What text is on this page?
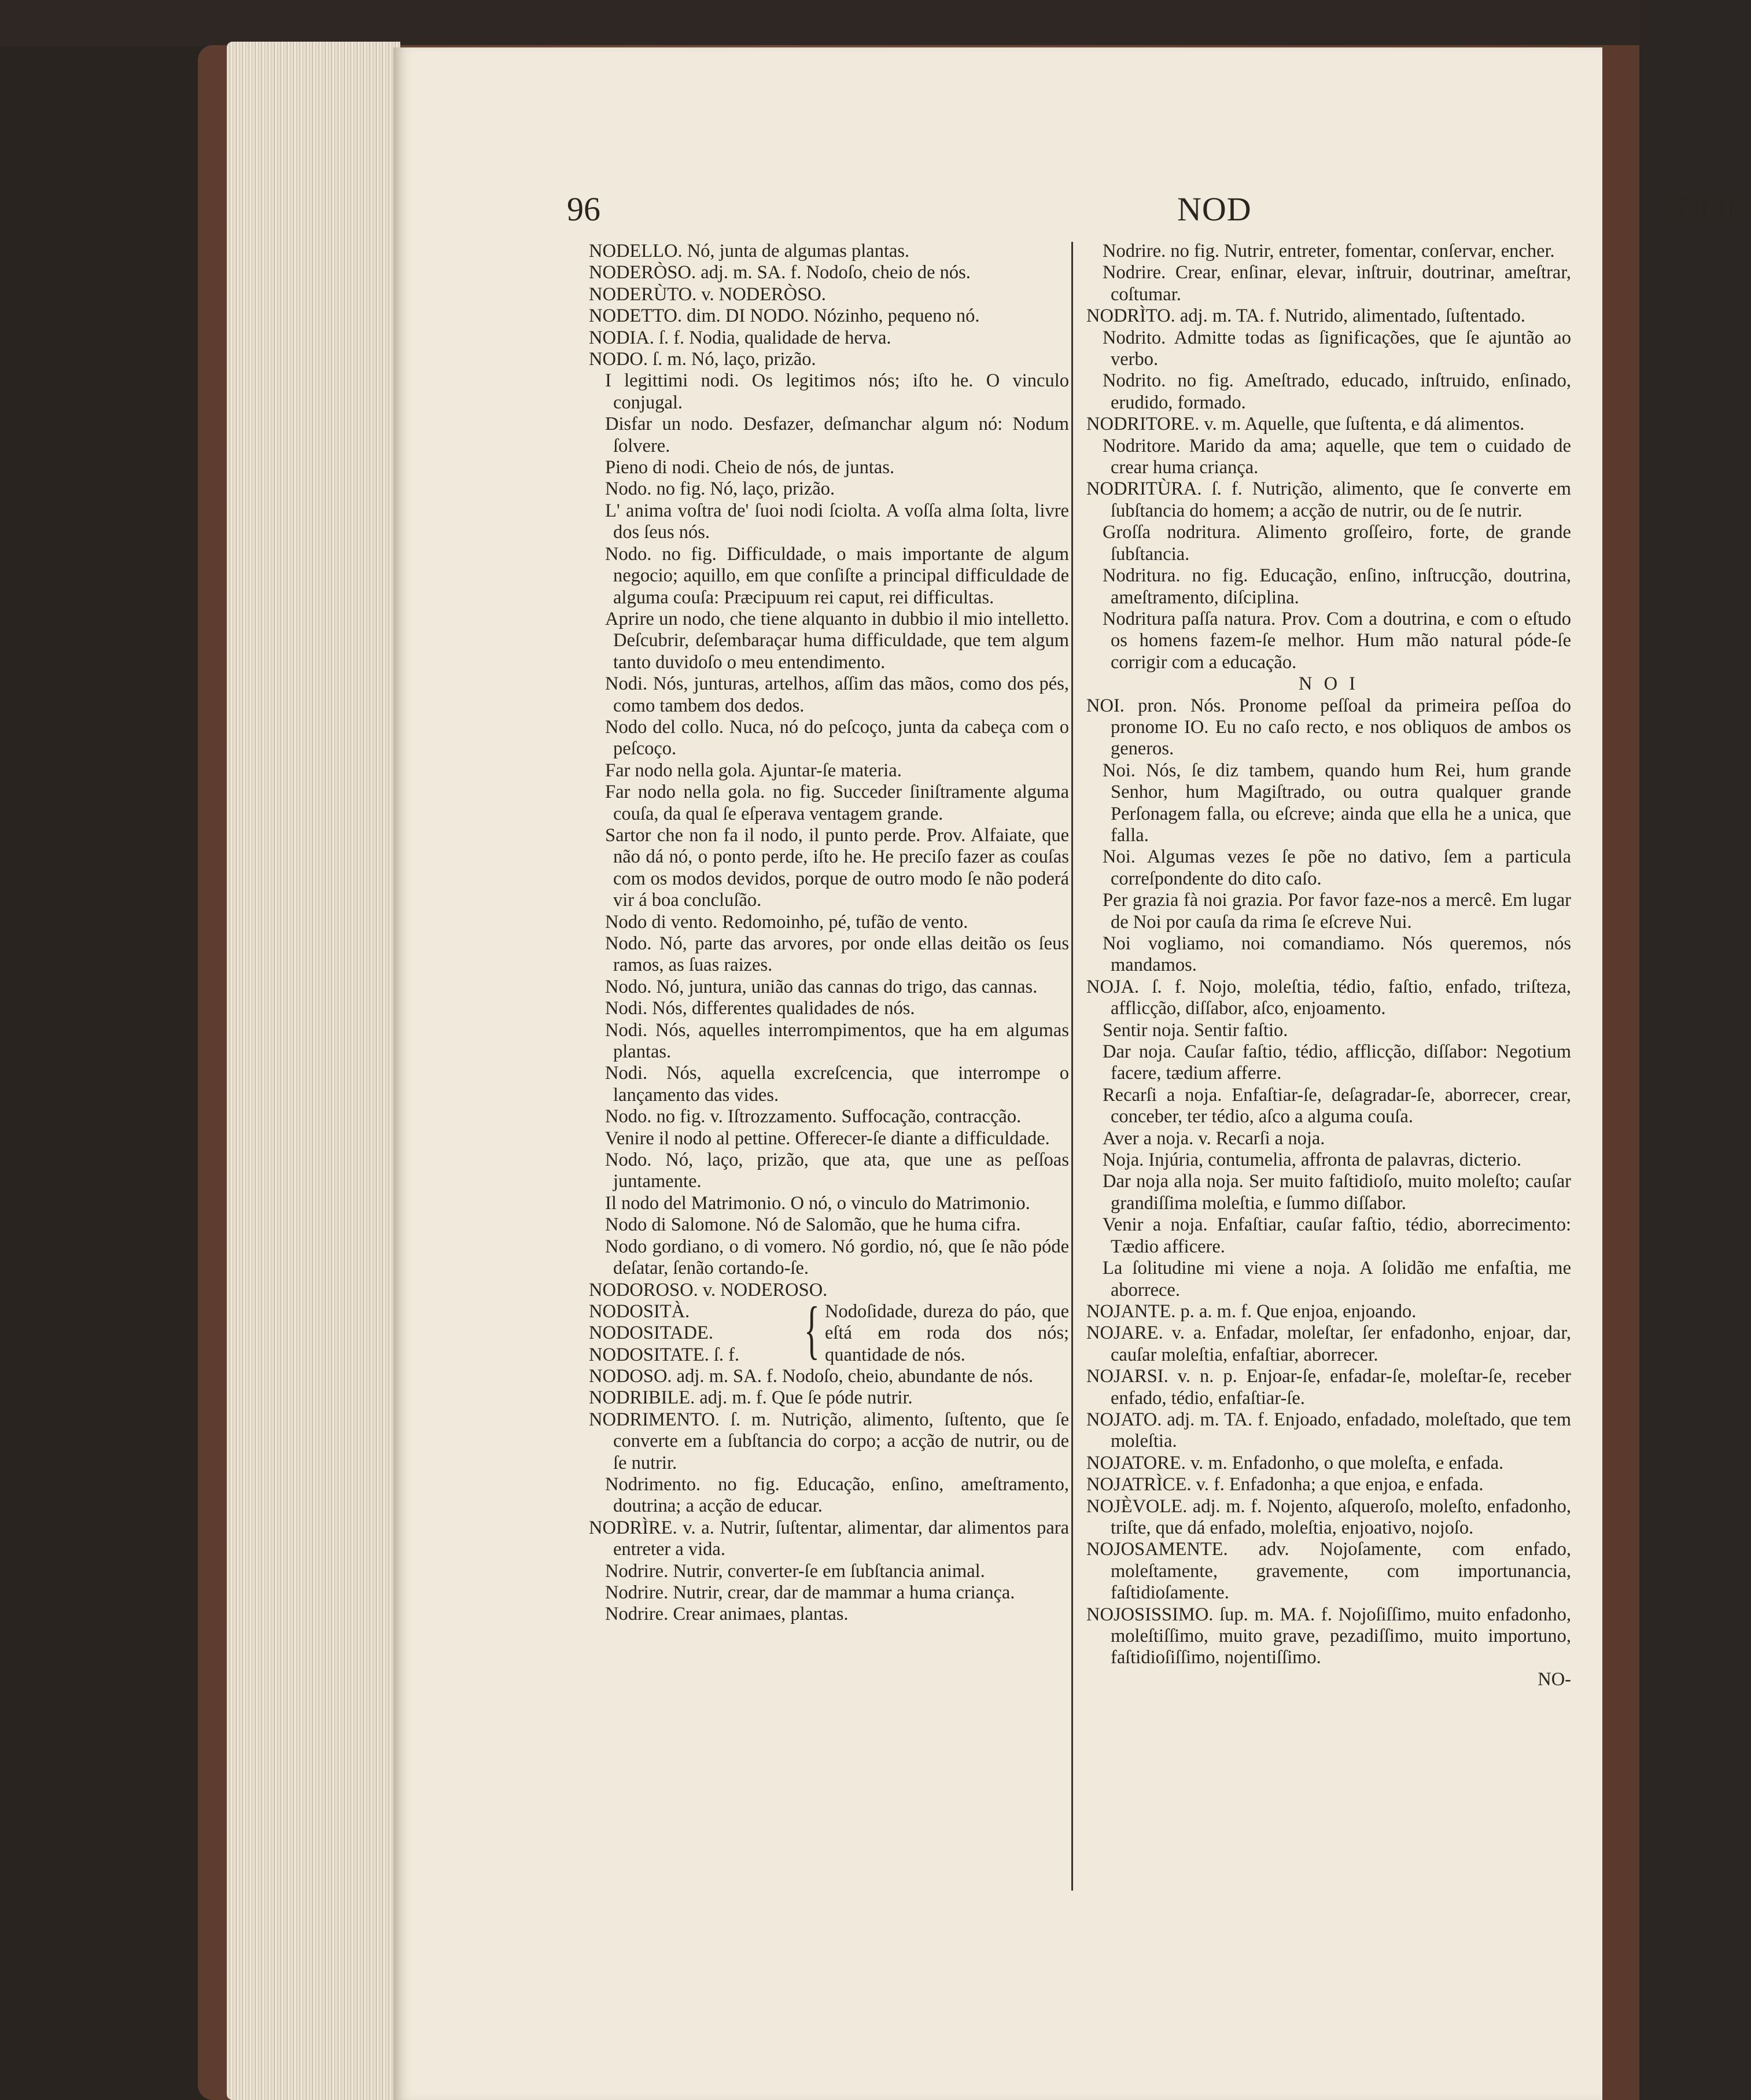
96	NOD	NOD

NODELLO. Nó, junta de algumas plantas.

NODERÒSO. adj. m. SA. f. Nodoſo, cheio de nós.

NODERÙTO. v. NODERÒSO.

NODETTO. dim. DI NODO. Nózinho, pequeno nó.

NODIA. ſ. f. Nodia, qualidade de herva.

NODO. ſ. m. Nó, laço, prizão.

I legittimi nodi. Os legitimos nós; iſto he. O vinculo conjugal.

Disfar un nodo. Desfazer, deſmanchar algum nó: Nodum ſolvere.

Pieno di nodi. Cheio de nós, de juntas.

Nodo. no fig. Nó, laço, prizão.

L' anima voſtra de' ſuoi nodi ſciolta. A voſſa alma ſolta, livre dos ſeus nós.

Nodo. no fig. Difficuldade, o mais importante de algum negocio; aquillo, em que conſiſte a principal difficuldade de alguma couſa: Præcipuum rei caput, rei difficultas.

Aprire un nodo, che tiene alquanto in dubbio il mio intelletto. Deſcubrir, deſembaraçar huma difficuldade, que tem algum tanto duvidoſo o meu entendimento.

Nodi. Nós, junturas, artelhos, aſſim das mãos, como dos pés, como tambem dos dedos.

Nodo del collo. Nuca, nó do peſcoço, junta da cabeça com o peſcoço.

Far nodo nella gola. Ajuntar-ſe materia.

Far nodo nella gola. no fig. Succeder ſiniſtramente alguma couſa, da qual ſe eſperava ventagem grande.

Sartor che non fa il nodo, il punto perde. Prov. Alfaiate, que não dá nó, o ponto perde, iſto he. He preciſo fazer as couſas com os modos devidos, porque de outro modo ſe não poderá vir á boa concluſão.

Nodo di vento. Redomoinho, pé, tufão de vento.

Nodo. Nó, parte das arvores, por onde ellas deitão os ſeus ramos, as ſuas raizes.

Nodo. Nó, juntura, união das cannas do trigo, das cannas.

Nodi. Nós, differentes qualidades de nós.

Nodi. Nós, aquelles interrompimentos, que ha em algumas plantas.

Nodi. Nós, aquella excreſcencia, que interrompe o lançamento das vides.

Nodo. no fig. v. Iſtrozzamento. Suffocação, contracção.

Venire il nodo al pettine. Offerecer-ſe diante a difficuldade.

Nodo. Nó, laço, prizão, que ata, que une as peſſoas juntamente.

Il nodo del Matrimonio. O nó, o vinculo do Matrimonio.

Nodo di Salomone. Nó de Salomão, que he huma cifra.

Nodo gordiano, o di vomero. Nó gordio, nó, que ſe não póde deſatar, ſenão cortando-ſe.

NODOROSO. v. NODEROSO.

NODOSITÀ.
NODOSITADE.
NODOSITATE. ſ. f. { Nodoſidade, dureza do páo, que eſtá em roda dos nós; quantidade de nós.

NODOSO. adj. m. SA. f. Nodoſo, cheio, abundante de nós.

NODRIBILE. adj. m. f. Que ſe póde nutrir.

NODRIMENTO. ſ. m. Nutrição, alimento, ſuſtento, que ſe converte em a ſubſtancia do corpo; a acção de nutrir, ou de ſe nutrir.

Nodrimento. no fig. Educação, enſino, ameſtramento, doutrina; a acção de educar.

NODRÌRE. v. a. Nutrir, ſuſtentar, alimentar, dar alimentos para entreter a vida.

Nodrire. Nutrir, converter-ſe em ſubſtancia animal.

Nodrire. Nutrir, crear, dar de mammar a huma criança.

Nodrire. Crear animaes, plantas.

Nodrire. no fig. Nutrir, entreter, fomentar, conſervar, encher.

Nodrire. Crear, enſinar, elevar, inſtruir, doutrinar, ameſtrar, coſtumar.

NODRÌTO. adj. m. TA. f. Nutrido, alimentado, ſuſtentado.

Nodrito. Admitte todas as ſignificações, que ſe ajuntão ao verbo.

Nodrito. no fig. Ameſtrado, educado, inſtruido, enſinado, erudido, formado.

NODRITORE. v. m. Aquelle, que ſuſtenta, e dá alimentos.

Nodritore. Marido da ama; aquelle, que tem o cuidado de crear huma criança.

NODRITÙRA. ſ. f. Nutrição, alimento, que ſe converte em ſubſtancia do homem; a acção de nutrir, ou de ſe nutrir.

Groſſa nodritura. Alimento groſſeiro, forte, de grande ſubſtancia.

Nodritura. no fig. Educação, enſino, inſtrucção, doutrina, ameſtramento, diſciplina.

Nodritura paſſa natura. Prov. Com a doutrina, e com o eſtudo os homens fazem-ſe melhor. Hum mão natural póde-ſe corrigir com a educação.

N O I

NOI. pron. Nós. Pronome peſſoal da primeira peſſoa do pronome IO. Eu no caſo recto, e nos obliquos de ambos os generos.

Noi. Nós, ſe diz tambem, quando hum Rei, hum grande Senhor, hum Magiſtrado, ou outra qualquer grande Perſonagem falla, ou eſcreve; ainda que ella he a unica, que falla.

Noi. Algumas vezes ſe põe no dativo, ſem a particula correſpondente do dito caſo.

Per grazia fà noi grazia. Por favor faze-nos a mercê. Em lugar de Noi por cauſa da rima ſe eſcreve Nui.

Noi vogliamo, noi comandiamo. Nós queremos, nós mandamos.

NOJA. ſ. f. Nojo, moleſtia, tédio, faſtio, enfado, triſteza, afflicção, diſſabor, aſco, enjoamento.

Sentir noja. Sentir faſtio.

Dar noja. Cauſar faſtio, tédio, afflicção, diſſabor: Negotium facere, tædium afferre.

Recarſi a noja. Enfaſtiar-ſe, deſagradar-ſe, aborrecer, crear, conceber, ter tédio, aſco a alguma couſa.

Aver a noja. v. Recarſi a noja.

Noja. Injúria, contumelia, affronta de palavras, dicterio.

Dar noja alla noja. Ser muito faſtidioſo, muito moleſto; cauſar grandiſſima moleſtia, e ſummo diſſabor.

Venir a noja. Enfaſtiar, cauſar faſtio, tédio, aborrecimento: Tædio afficere.

La ſolitudine mi viene a noja. A ſolidão me enfaſtia, me aborrece.

NOJANTE. p. a. m. f. Que enjoa, enjoando.

NOJARE. v. a. Enfadar, moleſtar, ſer enfadonho, enjoar, dar, cauſar moleſtia, enfaſtiar, aborrecer.

NOJARSI. v. n. p. Enjoar-ſe, enfadar-ſe, moleſtar-ſe, receber enfado, tédio, enfaſtiar-ſe.

NOJATO. adj. m. TA. f. Enjoado, enfadado, moleſtado, que tem moleſtia.

NOJATORE. v. m. Enfadonho, o que moleſta, e enfada.

NOJATRÌCE. v. f. Enfadonha; a que enjoa, e enfada.

NOJÈVOLE. adj. m. f. Nojento, aſqueroſo, moleſto, enfadonho, triſte, que dá enfado, moleſtia, enjoativo, nojoſo.

NOJOSAMENTE. adv. Nojoſamente, com enfado, moleſtamente, gravemente, com importunancia, faſtidioſamente.

NOJOSISSIMO. ſup. m. MA. f. Nojoſiſſimo, muito enfadonho, moleſtiſſimo, muito grave, pezadiſſimo, muito importuno, faſtidioſiſſimo, nojentiſſimo.

NO-
